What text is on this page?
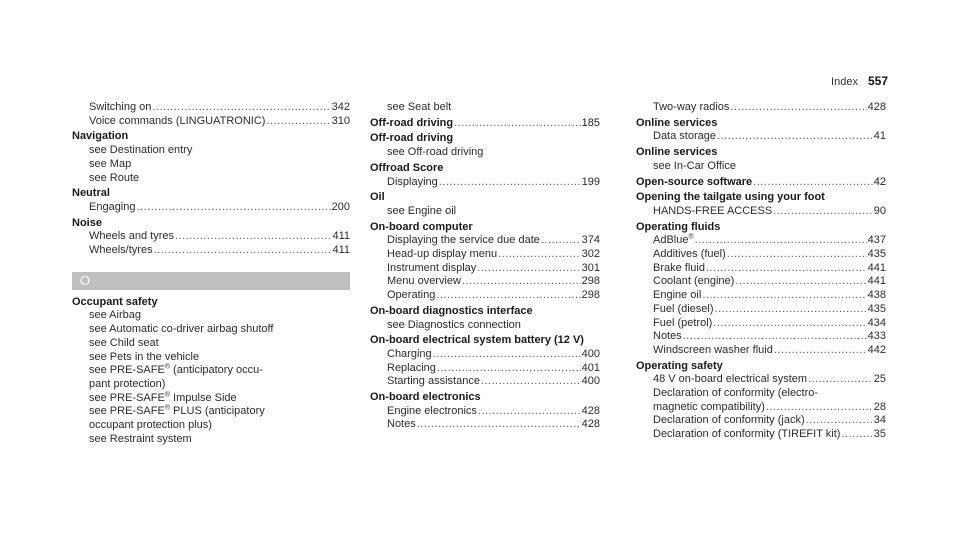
Index 557
Switching on .....	342
Voice commands (LINGUATRONIC) .....	310
Navigation
see Destination entry
see Map
see Route
Neutral
Engaging .....	200
Noise
Wheels and tyres .....	411
Wheels/tyres .....	411
O
Occupant safety
see Airbag
see Automatic co-driver airbag shutoff
see Child seat
see Pets in the vehicle
see PRE-SAFE® (anticipatory occu-
pant protection)
see PRE-SAFE® Impulse Side
see PRE-SAFE® PLUS (anticipatory
occupant protection plus)
see Restraint system
see Seat belt
Off-road driving .....	185
Off-road driving
see Off-road driving
Offroad Score
Displaying .....	199
Oil
see Engine oil
On-board computer
Displaying the service due date .....	374
Head-up display menu .....	302
Instrument display .....	301
Menu overview .....	298
Operating .....	298
On-board diagnostics interface
see Diagnostics connection
On-board electrical system battery (12 V)
Charging .....	400
Replacing .....	401
Starting assistance .....	400
On-board electronics
Engine electronics .....	428
Notes .....	428
Two-way radios .....	428
Online services
Data storage .....	41
Online services
see In-Car Office
Open-source software .....	42
Opening the tailgate using your foot
HANDS-FREE ACCESS .....	90
Operating fluids
AdBlue® .....	437
Additives (fuel) .....	435
Brake fluid .....	441
Coolant (engine) .....	441
Engine oil .....	438
Fuel (diesel) .....	435
Fuel (petrol) .....	434
Notes .....	433
Windscreen washer fluid .....	442
Operating safety
48 V on-board electrical system .....	25
Declaration of conformity (electro-
magnetic compatibility) .....	28
Declaration of conformity (jack) .....	34
Declaration of conformity (TIREFIT kit) .....	35
